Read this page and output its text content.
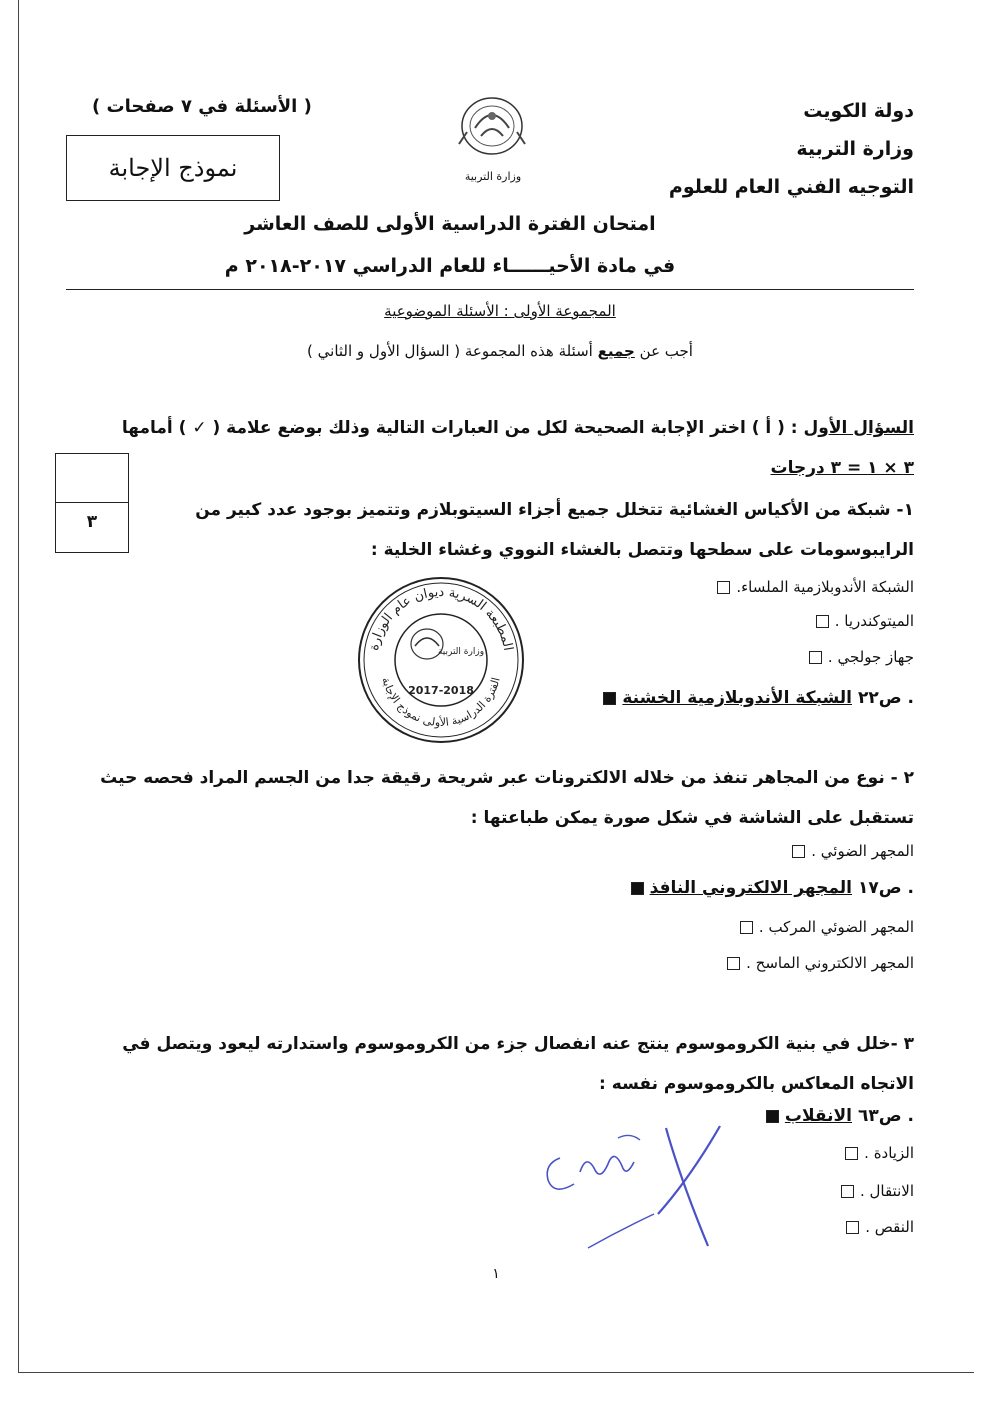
دولة الكويت
وزارة التربية
التوجيه الفني العام للعلوم
وزارة التربية
( الأسئلة في ٧ صفحات )
نموذج الإجابة
امتحان الفترة الدراسية الأولى للصف العاشر
في مادة الأحيــــــاء للعام الدراسي ٢٠١٧-٢٠١٨ م
المجموعة الأولى : الأسئلة الموضوعية
أجب عن جميع أسئلة هذه المجموعة ( السؤال الأول و الثاني )
السؤال الأول : ( أ ) اختر الإجابة الصحيحة لكل من العبارات التالية وذلك بوضع علامة ( ✓ ) أمامها
٣ × ١ = ٣ درجات
٣
١- شبكة من الأكياس الغشائية تتخلل جميع أجزاء السيتوبلازم وتتميز بوجود عدد كبير من
الرايبوسومات على سطحها وتتصل بالغشاء النووي وغشاء الخلية :
الشبكة الأندوبلازمية الملساء.
الميتوكندريا .
جهاز جولجي .
الشبكة الأندوبلازمية الخشنة . ص٢٢
المطبعة السرية ديوان عام الوزارة
الفترة الدراسية الأولى نموذج الإجابة
وزارة التربية
2017-2018
٢ - نوع من المجاهر تنفذ من خلاله الالكترونات عبر شريحة رقيقة جدا من الجسم المراد فحصه حيث
تستقبل على الشاشة في شكل صورة يمكن طباعتها :
المجهر الضوئي .
المجهر الالكتروني النافذ . ص١٧
المجهر الضوئي المركب .
المجهر الالكتروني الماسح .
٣ -خلل في بنية الكروموسوم ينتج عنه انفصال جزء من الكروموسوم واستدارته ليعود ويتصل في
الاتجاه المعاكس بالكروموسوم نفسه :
الانقلاب . ص٦٣
الزيادة .
الانتقال .
النقص .
١
